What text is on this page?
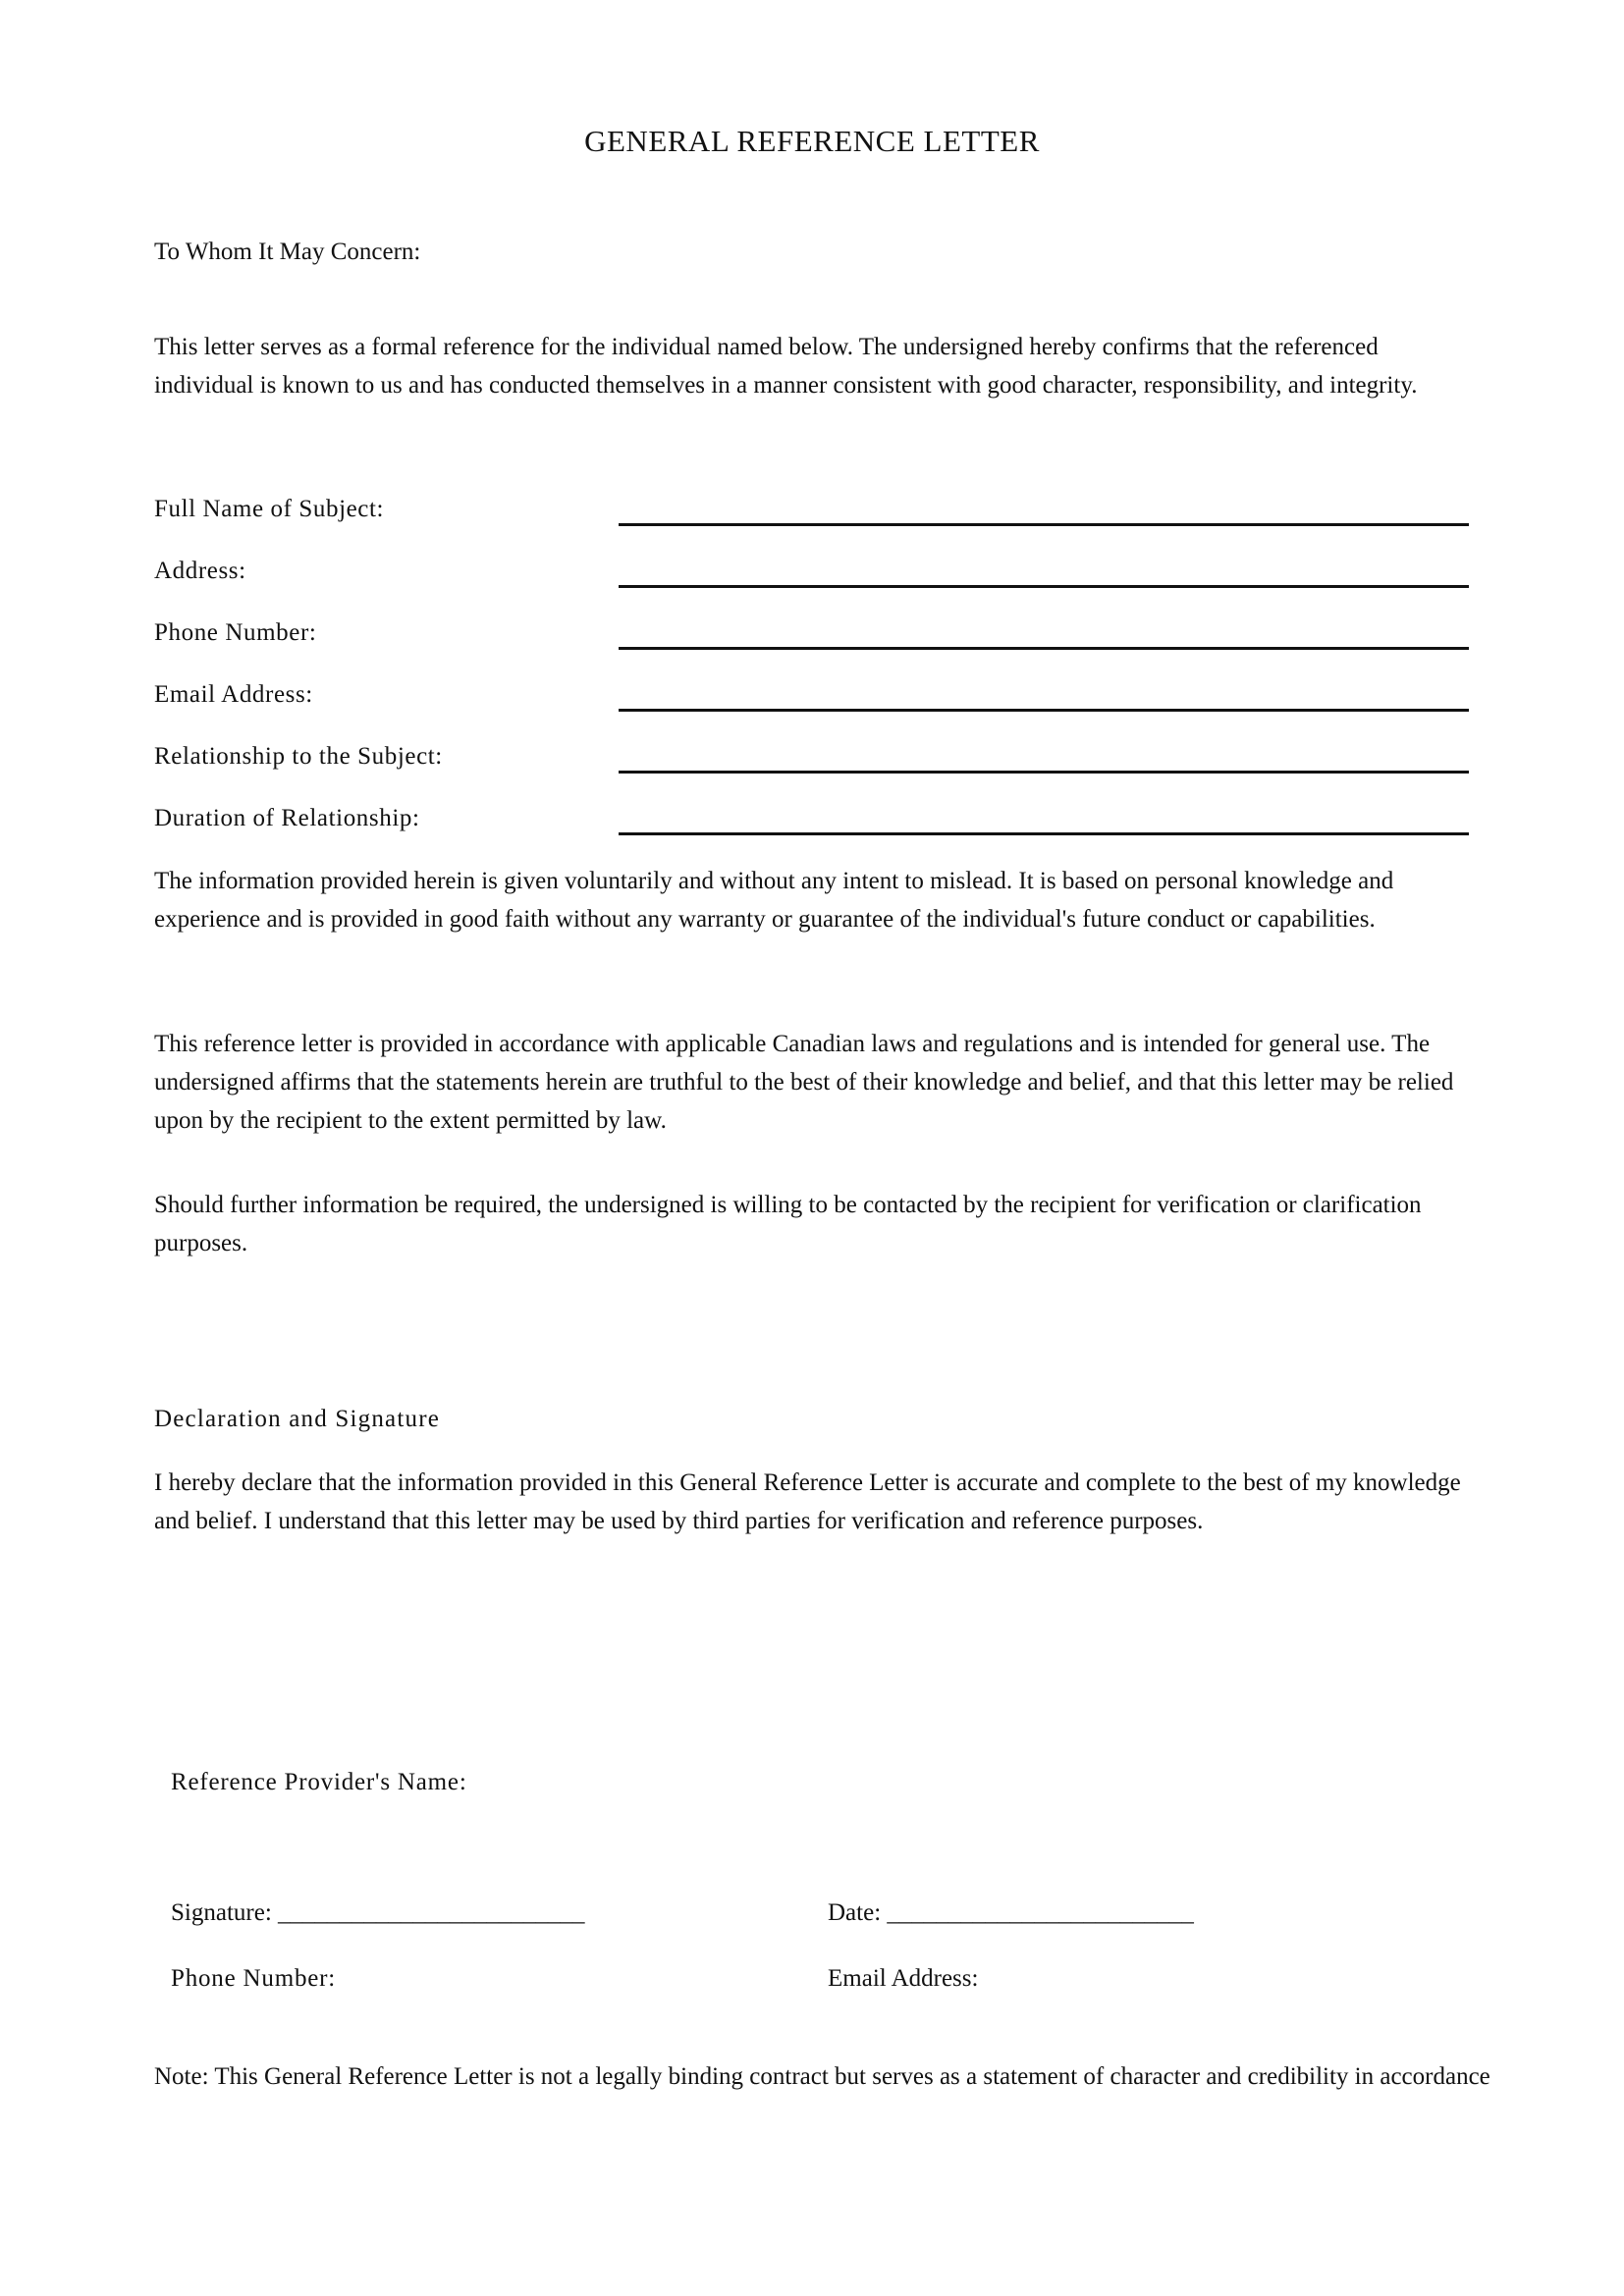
GENERAL REFERENCE LETTER
To Whom It May Concern:
This letter serves as a formal reference for the individual named below. The undersigned hereby confirms that the referenced individual is known to us and has conducted themselves in a manner consistent with good character, responsibility, and integrity.
Full Name of Subject:
Address:
Phone Number:
Email Address:
Relationship to the Subject:
Duration of Relationship:
The information provided herein is given voluntarily and without any intent to mislead. It is based on personal knowledge and experience and is provided in good faith without any warranty or guarantee of the individual's future conduct or capabilities.
This reference letter is provided in accordance with applicable Canadian laws and regulations and is intended for general use. The undersigned affirms that the statements herein are truthful to the best of their knowledge and belief, and that this letter may be relied upon by the recipient to the extent permitted by law.
Should further information be required, the undersigned is willing to be contacted by the recipient for verification or clarification purposes.
Declaration and Signature
I hereby declare that the information provided in this General Reference Letter is accurate and complete to the best of my knowledge and belief. I understand that this letter may be used by third parties for verification and reference purposes.
Reference Provider's Name:
Signature: _________________________	Date: _________________________
Phone Number:	Email Address:
Note: This General Reference Letter is not a legally binding contract but serves as a statement of character and credibility in accordance
